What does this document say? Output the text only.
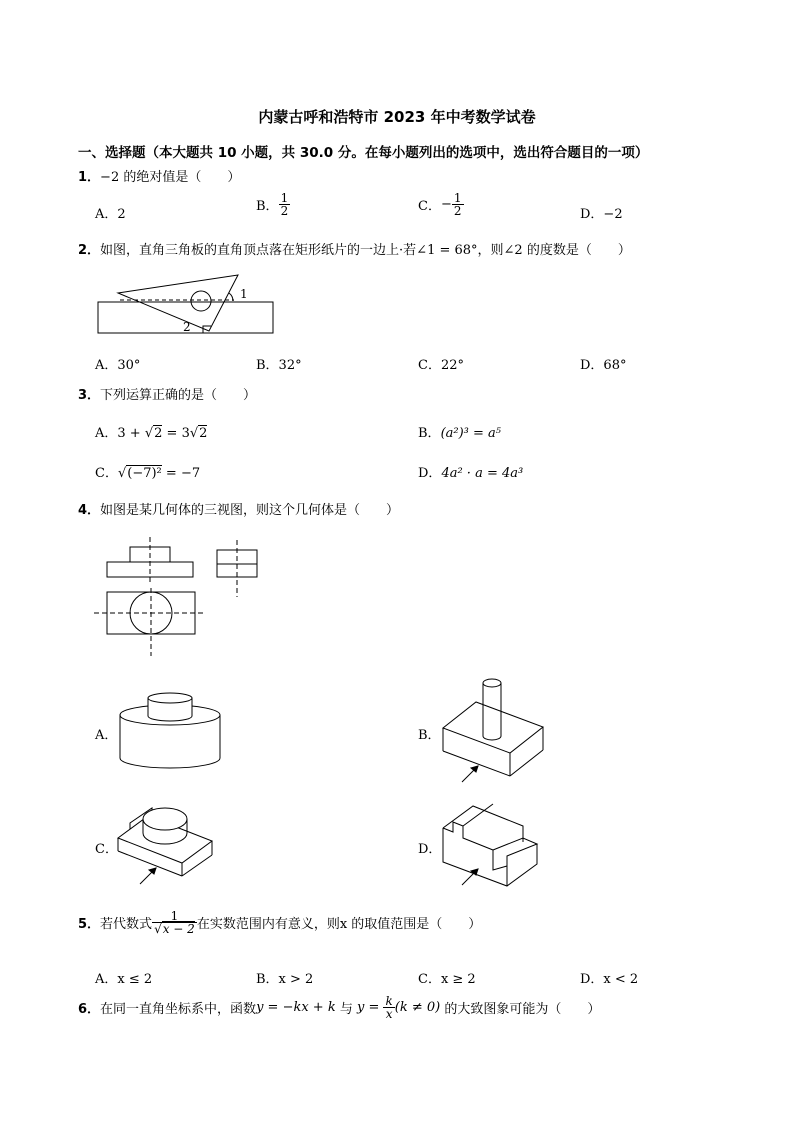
内蒙古呼和浩特市 2023 年中考数学试卷
一、选择题（本大题共 10 小题，共 30.0 分。在每小题列出的选项中，选出符合题目的一项）
1．−2 的绝对值是（　　）
A．2
B． $\frac{1}{2}$	C．− $\frac{1}{2}$	D．−2
2．如图，直角三角板的直角顶点落在矩形纸片的一边上·若∠1 = 68°，则∠2 的度数是（　　）
1
2
A．30°	B．32°	C．22°	D．68°
3．下列运算正确的是（　　）
A．3 + √2 = 3√2	B．(a²)³ = a⁵
C．√(−7)² = −7	D．4a² · a = 4a³
4．如图是某几何体的三视图，则这个几何体是（　　）
A．	B．
C．	D．
5．若代数式 $\frac{1}{√x - 2}$ 在实数范围内有意义，则x 的取值范围是（　　）
A．x ≤ 2	B．x > 2	C．x ≥ 2	D．x < 2
6．在同一直角坐标系中，函数y = −kx + k 与 $y = \frac{k}{x} (k \ne 0)$ 的大致图象可能为（　　）
